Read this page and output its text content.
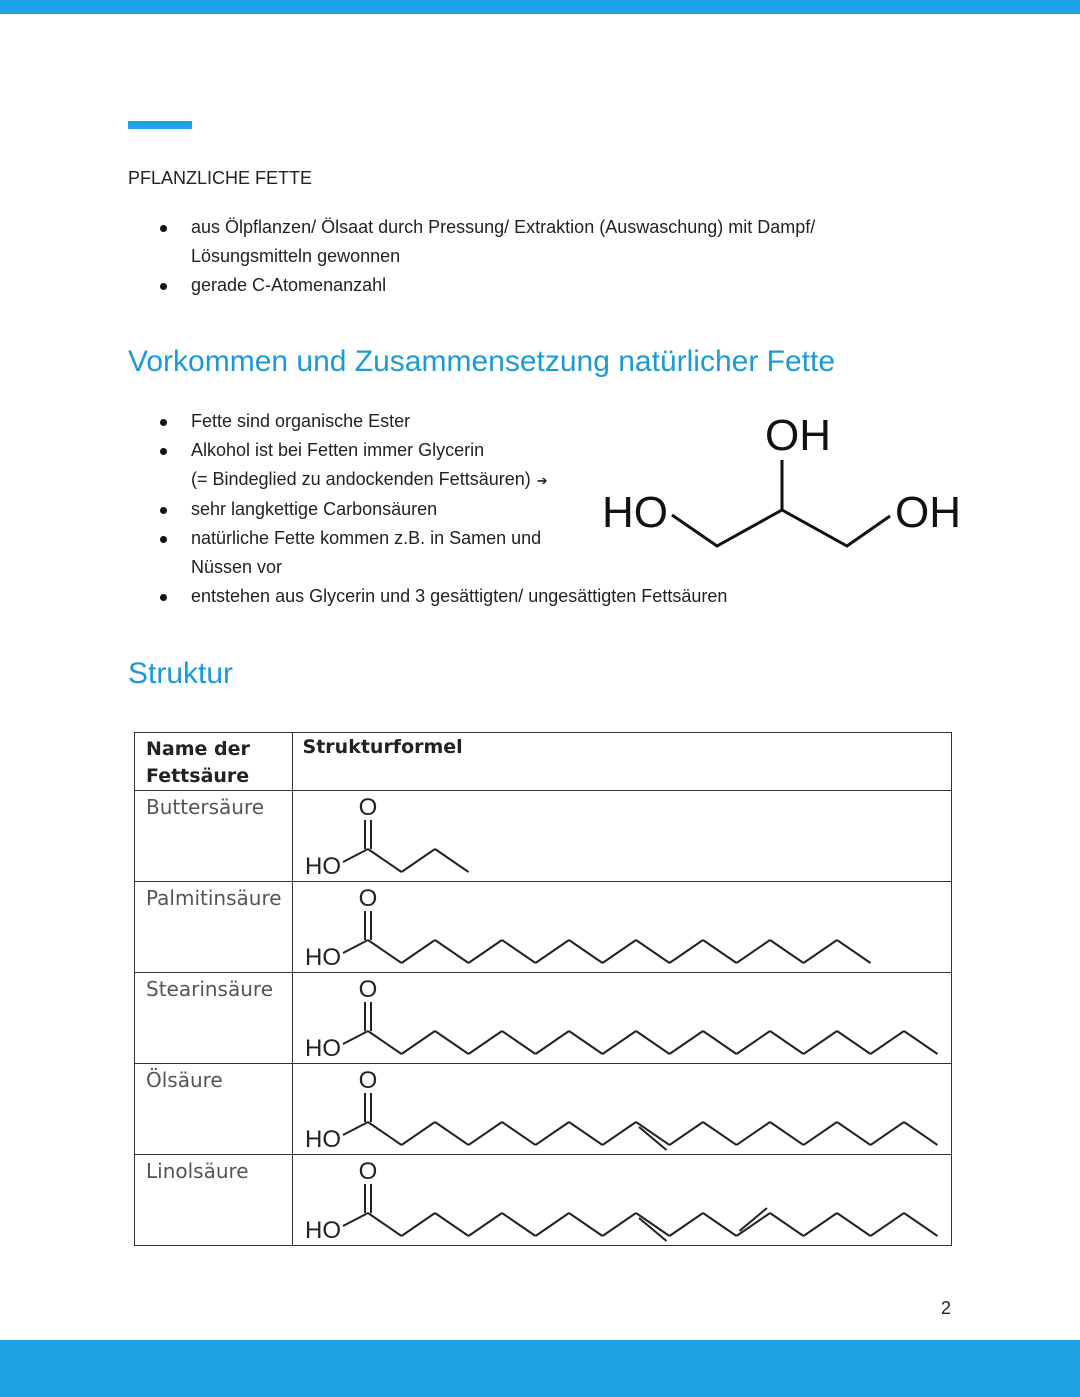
PFLANZLICHE FETTE
aus Ölpflanzen/ Ölsaat durch Pressung/ Extraktion (Auswaschung) mit Dampf/
Lösungsmitteln gewonnen
gerade C-Atomenanzahl
Vorkommen und Zusammensetzung natürlicher Fette
Fette sind organische Ester
Alkohol ist bei Fetten immer Glycerin
(= Bindeglied zu andockenden Fettsäuren) ➔
sehr langkettige Carbonsäuren
natürliche Fette kommen z.B. in Samen und
Nüssen vor
entstehen aus Glycerin und 3 gesättigten/ ungesättigten Fettsäuren
OH
HO	OH
Struktur
Name der Fettsäure	Strukturformel
Buttersäure	O
HO

Palmitinsäure	O
HO

Stearinsäure	O
HO

Ölsäure	O
HO

Linolsäure	O
HO
2
